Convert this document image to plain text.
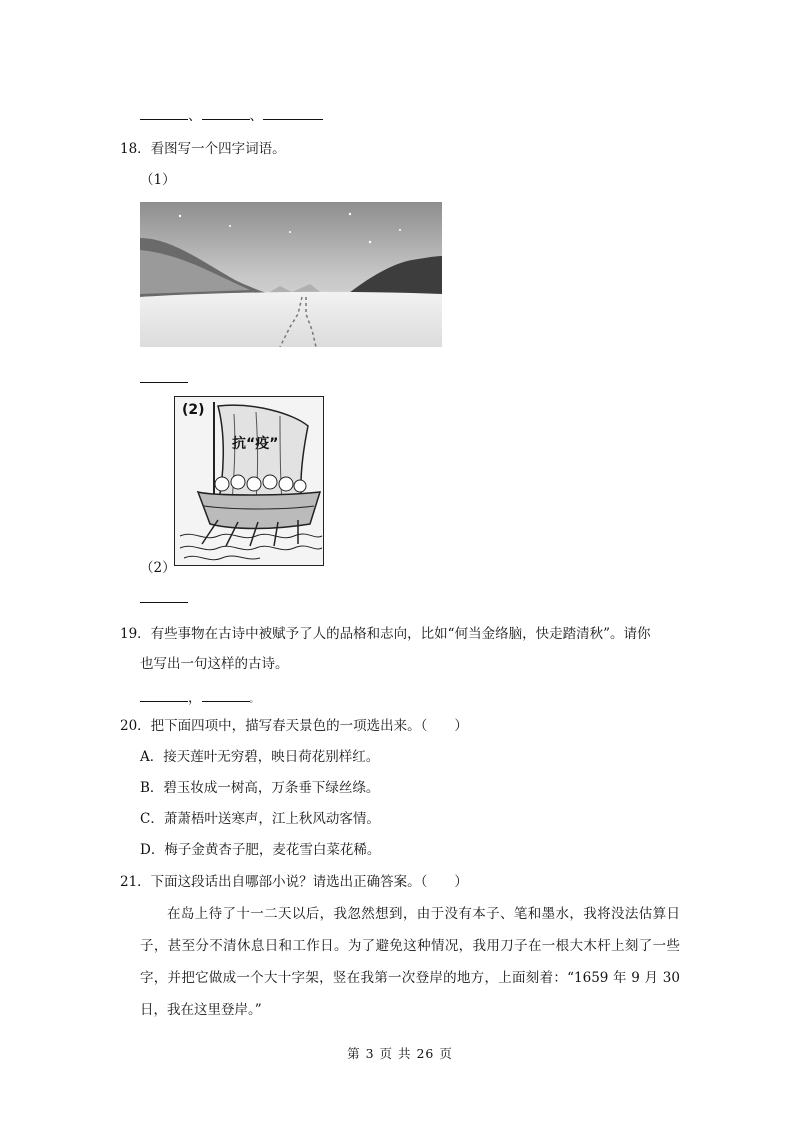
、	、
18．看图写一个四字词语。
（1）
抗“疫”
(2)
（2）
19．有些事物在古诗中被赋予了人的品格和志向，比如“何当金络脑，快走踏清秋”。请你
也写出一句这样的古诗。
，	。
20．把下面四项中，描写春天景色的一项选出来。（　　）
A．接天莲叶无穷碧，映日荷花别样红。
B．碧玉妆成一树高，万条垂下绿丝绦。
C．萧萧梧叶送寒声，江上秋风动客情。
D．梅子金黄杏子肥，麦花雪白菜花稀。
21．下面这段话出自哪部小说？请选出正确答案。（　　）
在岛上待了十一二天以后，我忽然想到，由于没有本子、笔和墨水，我将没法估算日子，甚至分不清休息日和工作日。为了避免这种情况，我用刀子在一根大木杆上刻了一些字，并把它做成一个大十字架，竖在我第一次登岸的地方，上面刻着：“1659 年 9 月 30 日，我在这里登岸。”
第 3 页 共 26 页
